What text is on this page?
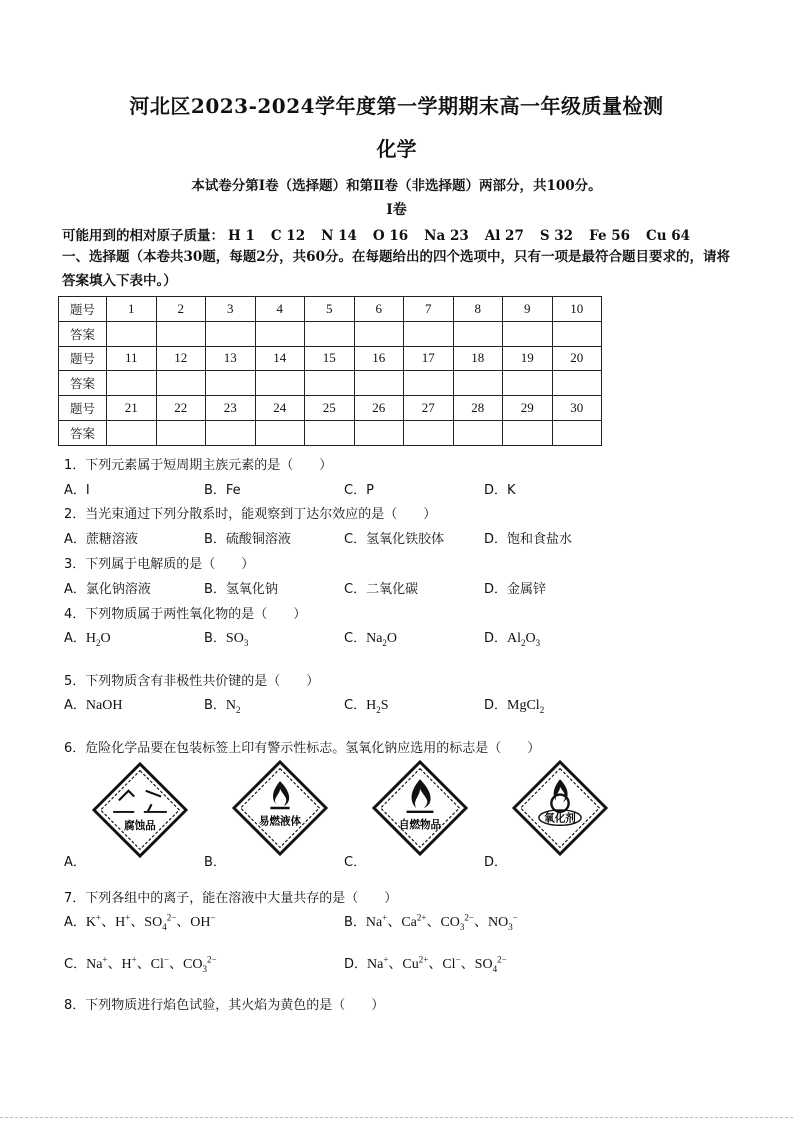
河北区2023-2024学年度第一学期期末高一年级质量检测
化学
本试卷分第Ⅰ卷（选择题）和第Ⅱ卷（非选择题）两部分，共100分。
Ⅰ卷
可能用到的相对原子质量： H 1 C 12 N 14 O 16 Na 23 Al 27 S 32 Fe 56 Cu 64
一、选择题（本卷共30题，每题2分，共60分。在每题给出的四个选项中，只有一项是最符合题目要求的，请将答案填入下表中。）
题号	1	2	3	4	5	6	7	8	9	10
答案										
题号	11	12	13	14	15	16	17	18	19	20
答案										
题号	21	22	23	24	25	26	27	28	29	30
答案										
1．下列元素属于短周期主族元素的是（　　）
A．I	B．Fe	C．P	D．K
2．当光束通过下列分散系时，能观察到丁达尔效应的是（　　）
A．蔗糖溶液	B．硫酸铜溶液	C．氢氧化铁胶体	D．饱和食盐水
3．下列属于电解质的是（　　）
A．氯化钠溶液	B．氢氧化钠	C．二氧化碳	D．金属锌
4．下列物质属于两性氧化物的是（　　）
A．$H_2O$	B．$SO_3$	C．$Na_2O$	D．$Al_2O_3$
5．下列物质含有非极性共价键的是（　　）
A．NaOH	B．$N_2$	C．$H_2S$	D．MgCl$_2$
6．危险化学品要在包装标签上印有警示性标志。氢氧化钠应选用的标志是（　　）
腐蚀品
A．
易燃液体
B．
自燃物品
C．
氧化剂
D．
7．下列各组中的离子，能在溶液中大量共存的是（　　）
A．K+、H+、$SO_4^{2-}$、OH−	B．Na+、$Ca^{2+}$、$CO_3^{2-}$、$NO_3^-$
C．Na+、H+、Cl−、$CO_3^{2-}$	D．Na+、$Cu^{2+}$、Cl−、$SO_4^{2-}$
8．下列物质进行焰色试验，其火焰为黄色的是（　　）
